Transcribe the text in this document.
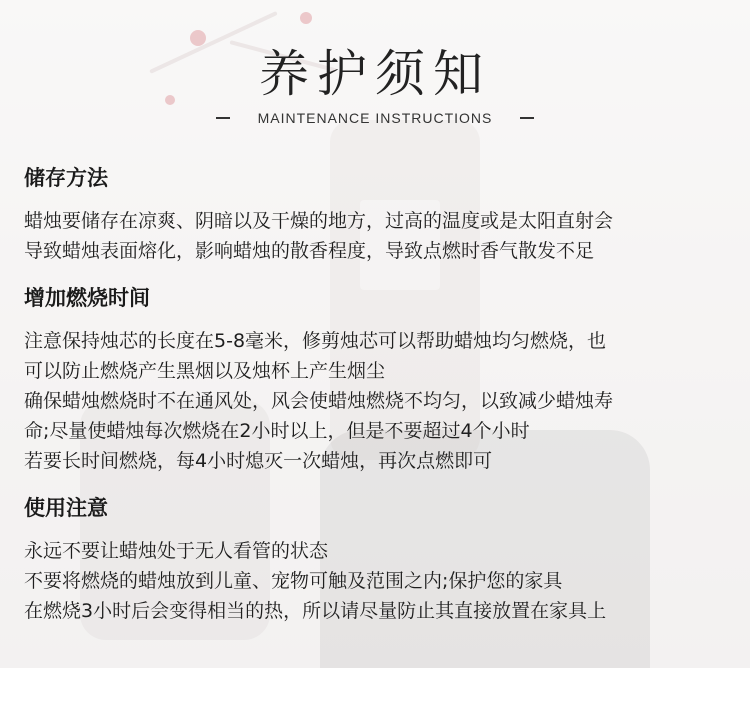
养护须知
MAINTENANCE INSTRUCTIONS
储存方法
蜡烛要储存在凉爽、阴暗以及干燥的地方，过高的温度或是太阳直射会
导致蜡烛表面熔化，影响蜡烛的散香程度，导致点燃时香气散发不足
增加燃烧时间
注意保持烛芯的长度在5-8毫米，修剪烛芯可以帮助蜡烛均匀燃烧，也
可以防止燃烧产生黑烟以及烛杯上产生烟尘
确保蜡烛燃烧时不在通风处，风会使蜡烛燃烧不均匀，以致减少蜡烛寿
命;尽量使蜡烛每次燃烧在2小时以上，但是不要超过4个小时
若要长时间燃烧，每4小时熄灭一次蜡烛，再次点燃即可
使用注意
永远不要让蜡烛处于无人看管的状态
不要将燃烧的蜡烛放到儿童、宠物可触及范围之内;保护您的家具
在燃烧3小时后会变得相当的热，所以请尽量防止其直接放置在家具上
